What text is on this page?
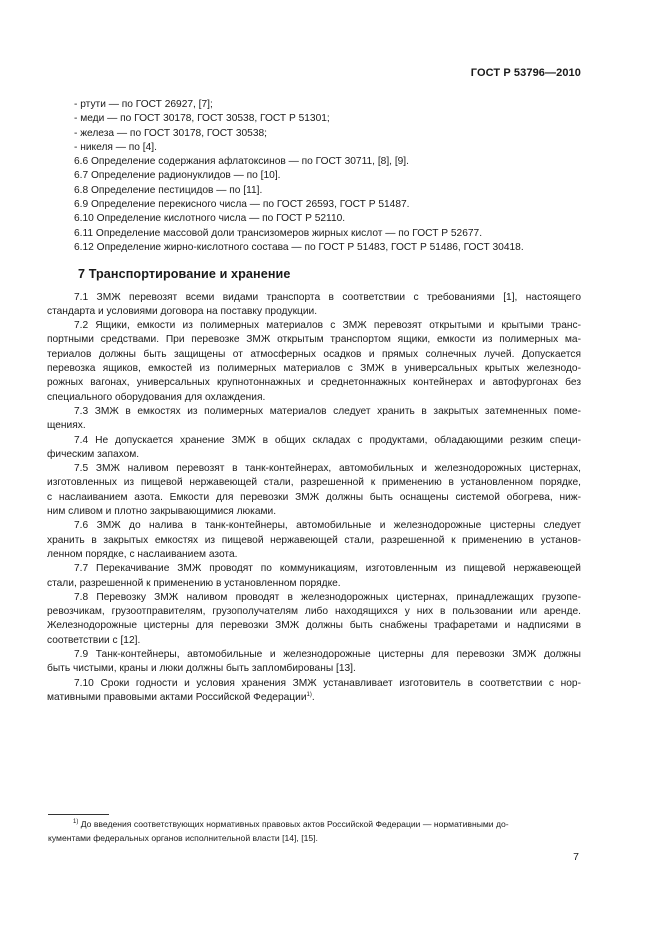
ГОСТ Р 53796—2010
- ртути — по ГОСТ 26927, [7];
- меди — по ГОСТ 30178, ГОСТ 30538, ГОСТ Р 51301;
- железа — по ГОСТ 30178, ГОСТ 30538;
- никеля — по [4].
6.6 Определение содержания афлатоксинов — по ГОСТ 30711, [8], [9].
6.7 Определение радионуклидов — по [10].
6.8 Определение пестицидов — по [11].
6.9 Определение перекисного числа — по ГОСТ 26593, ГОСТ Р 51487.
6.10 Определение кислотного числа — по ГОСТ Р 52110.
6.11 Определение массовой доли трансизомеров жирных кислот — по ГОСТ Р 52677.
6.12 Определение жирно-кислотного состава — по ГОСТ Р 51483, ГОСТ Р 51486, ГОСТ 30418.
7 Транспортирование и хранение
7.1 ЗМЖ перевозят всеми видами транспорта в соответствии с требованиями [1], настоящего
стандарта и условиями договора на поставку продукции.
7.2 Ящики, емкости из полимерных материалов с ЗМЖ перевозят открытыми и крытыми транс-
портными средствами. При перевозке ЗМЖ открытым транспортом ящики, емкости из полимерных ма-
териалов должны быть защищены от атмосферных осадков и прямых солнечных лучей. Допускается
перевозка ящиков, емкостей из полимерных материалов с ЗМЖ в универсальных крытых железнодо-
рожных вагонах, универсальных крупнотоннажных и среднетоннажных контейнерах и автофургонах без
специального оборудования для охлаждения.
7.3 ЗМЖ в емкостях из полимерных материалов следует хранить в закрытых затемненных поме-
щениях.
7.4 Не допускается хранение ЗМЖ в общих складах с продуктами, обладающими резким специ-
фическим запахом.
7.5 ЗМЖ наливом перевозят в танк-контейнерах, автомобильных и железнодорожных цистернах,
изготовленных из пищевой нержавеющей стали, разрешенной к применению в установленном порядке,
с наслаиванием азота. Емкости для перевозки ЗМЖ должны быть оснащены системой обогрева, ниж-
ним сливом и плотно закрывающимися люками.
7.6 ЗМЖ до налива в танк-контейнеры, автомобильные и железнодорожные цистерны следует
хранить в закрытых емкостях из пищевой нержавеющей стали, разрешенной к применению в установ-
ленном порядке, с наслаиванием азота.
7.7 Перекачивание ЗМЖ проводят по коммуникациям, изготовленным из пищевой нержавеющей
стали, разрешенной к применению в установленном порядке.
7.8 Перевозку ЗМЖ наливом проводят в железнодорожных цистернах, принадлежащих грузопе-
ревозчикам, грузоотправителям, грузополучателям либо находящихся у них в пользовании или аренде.
Железнодорожные цистерны для перевозки ЗМЖ должны быть снабжены трафаретами и надписями в
соответствии с [12].
7.9 Танк-контейнеры, автомобильные и железнодорожные цистерны для перевозки ЗМЖ должны
быть чистыми, краны и люки должны быть запломбированы [13].
7.10 Сроки годности и условия хранения ЗМЖ устанавливает изготовитель в соответствии с нор-
мативными правовыми актами Российской Федерации$^{1)}$.
$^{1)}$ До введения соответствующих нормативных правовых актов Российской Федерации — нормативными до-
кументами федеральных органов исполнительной власти [14], [15].
7
